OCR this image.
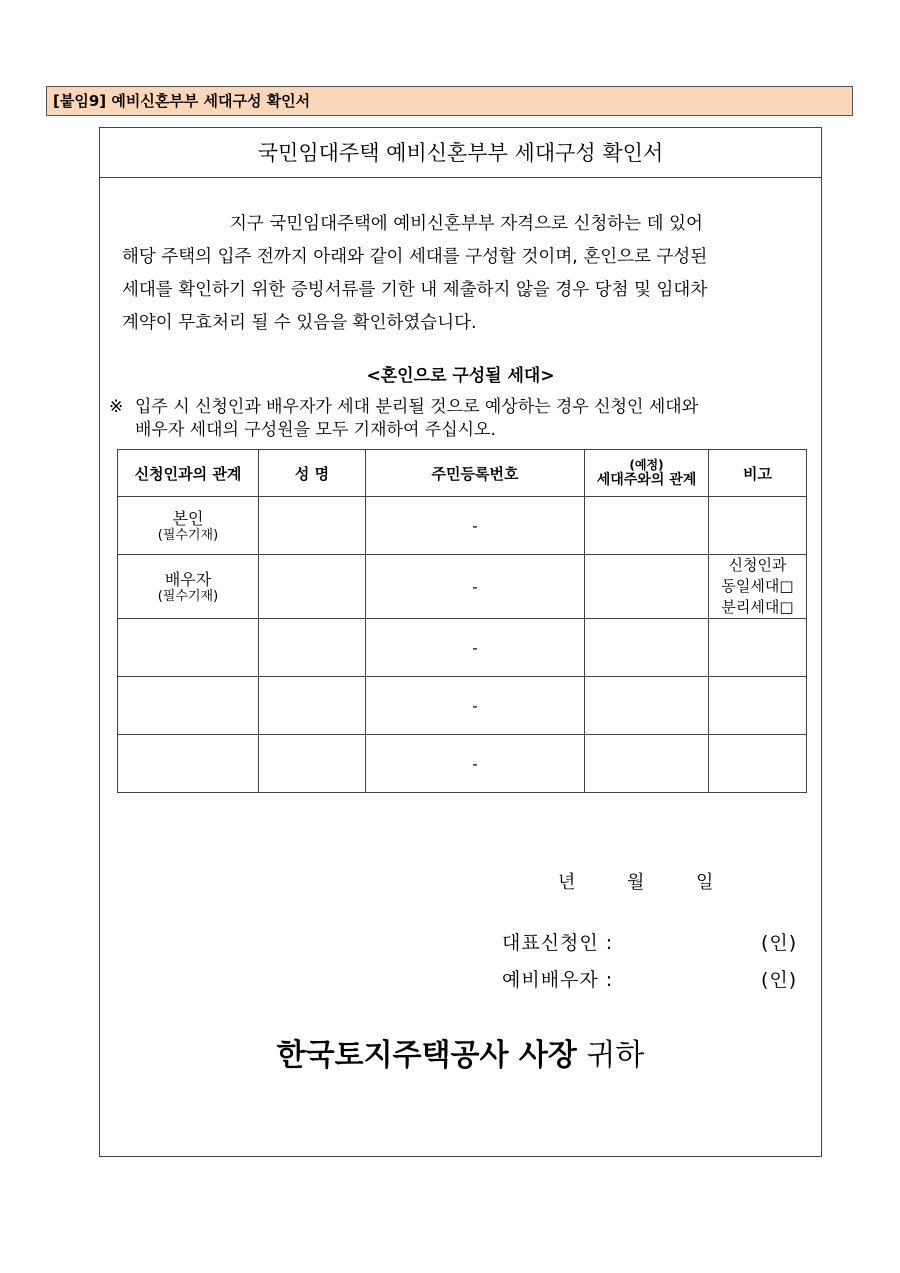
[붙임9] 예비신혼부부 세대구성 확인서
국민임대주택 예비신혼부부 세대구성 확인서
지구 국민임대주택에 예비신혼부부 자격으로 신청하는 데 있어
해당 주택의 입주 전까지 아래와 같이 세대를 구성할 것이며, 혼인으로 구성된
세대를 확인하기 위한 증빙서류를 기한 내 제출하지 않을 경우 당첨 및 임대차
계약이 무효처리 될 수 있음을 확인하였습니다.
<혼인으로 구성될 세대>
※ 입주 시 신청인과 배우자가 세대 분리될 것으로 예상하는 경우 신청인 세대와
배우자 세대의 구성원을 모두 기재하여 주십시오.
신청인과의 관계	성 명	주민등록번호	(예정)
세대주와의 관계	비고

본인
(필수기재)		-		

배우자
(필수기재)		-		신청인과
동일세대□
분리세대□

		-		

		-		

		-		
년	월	일
대표신청인 :	(인)
예비배우자 :	(인)
한국토지주택공사 사장 귀하
